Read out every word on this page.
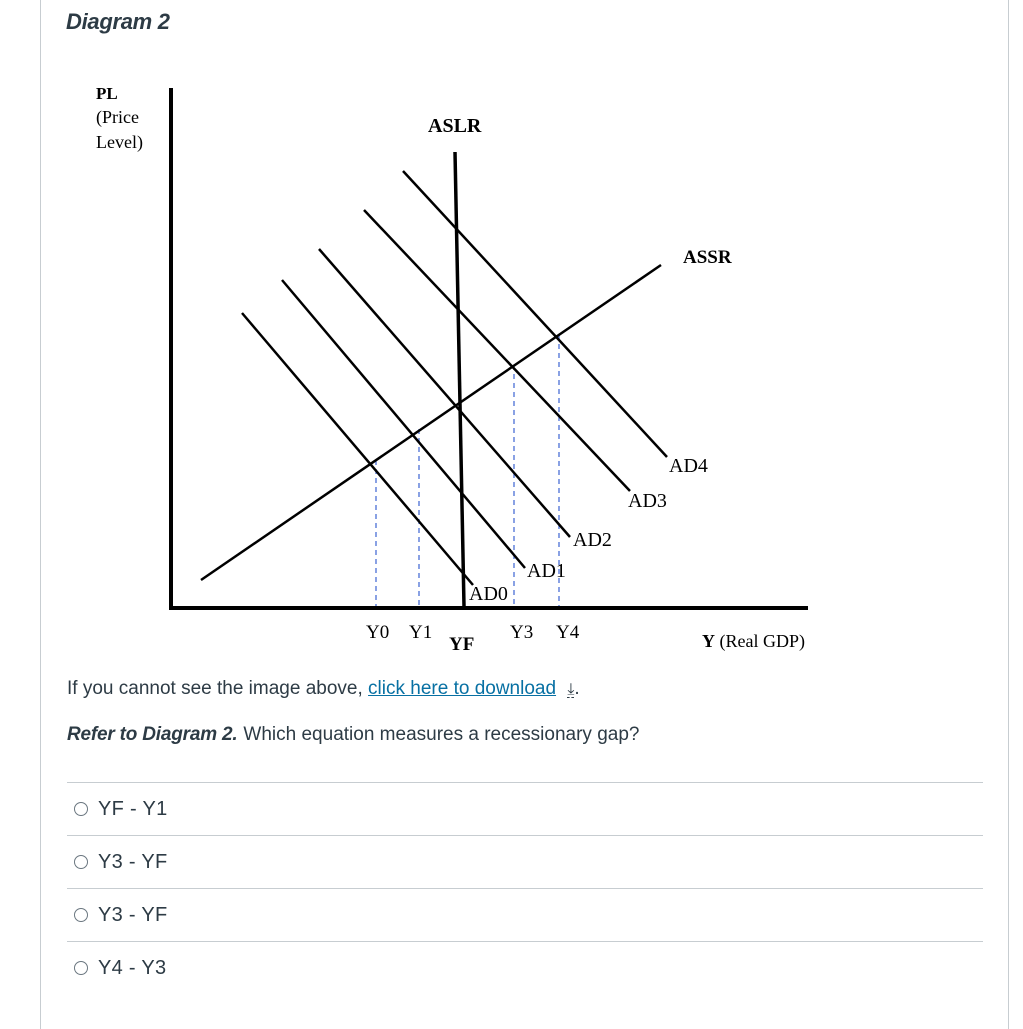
Diagram 2
PL
(Price
Level)
ASLR
ASSR
AD4
AD3
AD2
AD1
AD0
Y0 Y1
YF
Y3 Y4	Y (Real GDP)
If you cannot see the image above, click here to download ⤓.
Refer to Diagram 2. Which equation measures a recessionary gap?
YF - Y1
Y3 - YF
Y3 - YF
Y4 - Y3
